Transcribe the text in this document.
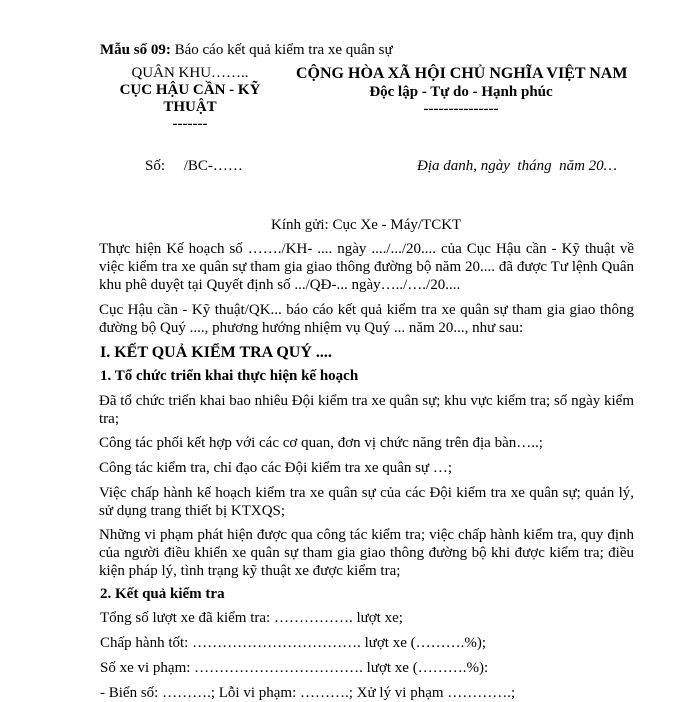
Mẫu số 09: Báo cáo kết quả kiểm tra xe quân sự
QUÂN KHU……..
CỤC HẬU CẦN - KỸ
THUẬT
-------
CỘNG HÒA XÃ HỘI CHỦ NGHĨA VIỆT NAM
Độc lập - Tự do - Hạnh phúc
---------------
Số:     /BC-……	Địa danh, ngày  tháng  năm 20…
Kính gửi: Cục Xe - Máy/TCKT
Thực hiện Kế hoạch số ……./KH- .... ngày ..../.../20.... của Cục Hậu cần - Kỹ thuật về việc kiểm tra xe quân sự tham gia giao thông đường bộ năm 20.... đã được Tư lệnh Quân khu phê duyệt tại Quyết định số .../QĐ-... ngày…../…./20....
Cục Hậu cần - Kỹ thuật/QK... báo cáo kết quả kiểm tra xe quân sự tham gia giao thông đường bộ Quý ...., phương hướng nhiệm vụ Quý ... năm 20..., như sau:
I. KẾT QUẢ KIỂM TRA QUÝ ....
1. Tổ chức triển khai thực hiện kế hoạch
Đã tổ chức triển khai bao nhiêu Đội kiểm tra xe quân sự; khu vực kiểm tra; số ngày kiểm tra;
Công tác phối kết hợp với các cơ quan, đơn vị chức năng trên địa bàn…..;
Công tác kiểm tra, chỉ đạo các Đội kiểm tra xe quân sự …;
Việc chấp hành kế hoạch kiểm tra xe quân sự của các Đội kiểm tra xe quân sự; quản lý, sử dụng trang thiết bị KTXQS;
Những vi phạm phát hiện được qua công tác kiểm tra; việc chấp hành kiểm tra, quy định của người điều khiển xe quân sự tham gia giao thông đường bộ khi được kiểm tra; điều kiện pháp lý, tình trạng kỹ thuật xe được kiểm tra;
2. Kết quả kiểm tra
Tổng số lượt xe đã kiểm tra: ……………. lượt xe;
Chấp hành tốt: ……………………………. lượt xe (……….%);
Số xe vi phạm: ……………………………. lượt xe (……….%):
- Biển số: ……….; Lỗi vi phạm: ……….; Xử lý vi phạm ………….;
